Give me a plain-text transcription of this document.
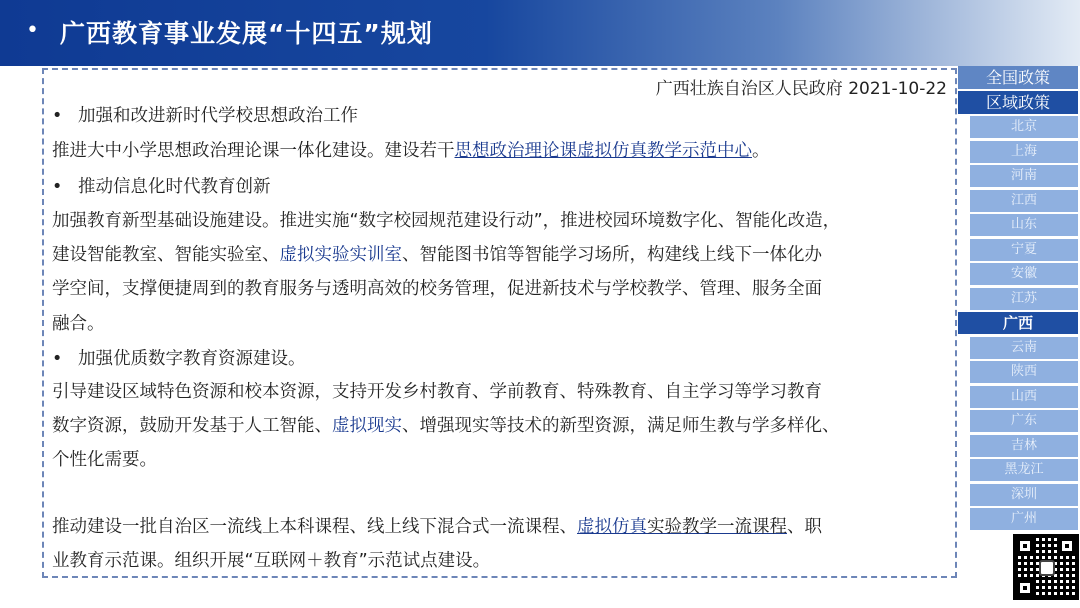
• 广西教育事业发展“十四五”规划
广西壮族自治区人民政府 2021-10-22
• 加强和改进新时代学校思想政治工作
推进大中小学思想政治理论课一体化建设。建设若干思想政治理论课虚拟仿真教学示范中心。
• 推动信息化时代教育创新
加强教育新型基础设施建设。推进实施“数字校园规范建设行动”，推进校园环境数字化、智能化改造，
建设智能教室、智能实验室、虚拟实验实训室、智能图书馆等智能学习场所，构建线上线下一体化办
学空间，支撑便捷周到的教育服务与透明高效的校务管理，促进新技术与学校教学、管理、服务全面
融合。
• 加强优质数字教育资源建设。
引导建设区域特色资源和校本资源，支持开发乡村教育、学前教育、特殊教育、自主学习等学习教育
数字资源，鼓励开发基于人工智能、虚拟现实、增强现实等技术的新型资源，满足师生教与学多样化、
个性化需要。
推动建设一批自治区一流线上本科课程、线上线下混合式一流课程、虚拟仿真实验教学一流课程、职
业教育示范课。组织开展“互联网＋教育”示范试点建设。
全国政策
区域政策
北京
上海
河南
江西
山东
宁夏
安徽
江苏
广西
云南
陕西
山西
广东
吉林
黑龙江
深圳
广州
